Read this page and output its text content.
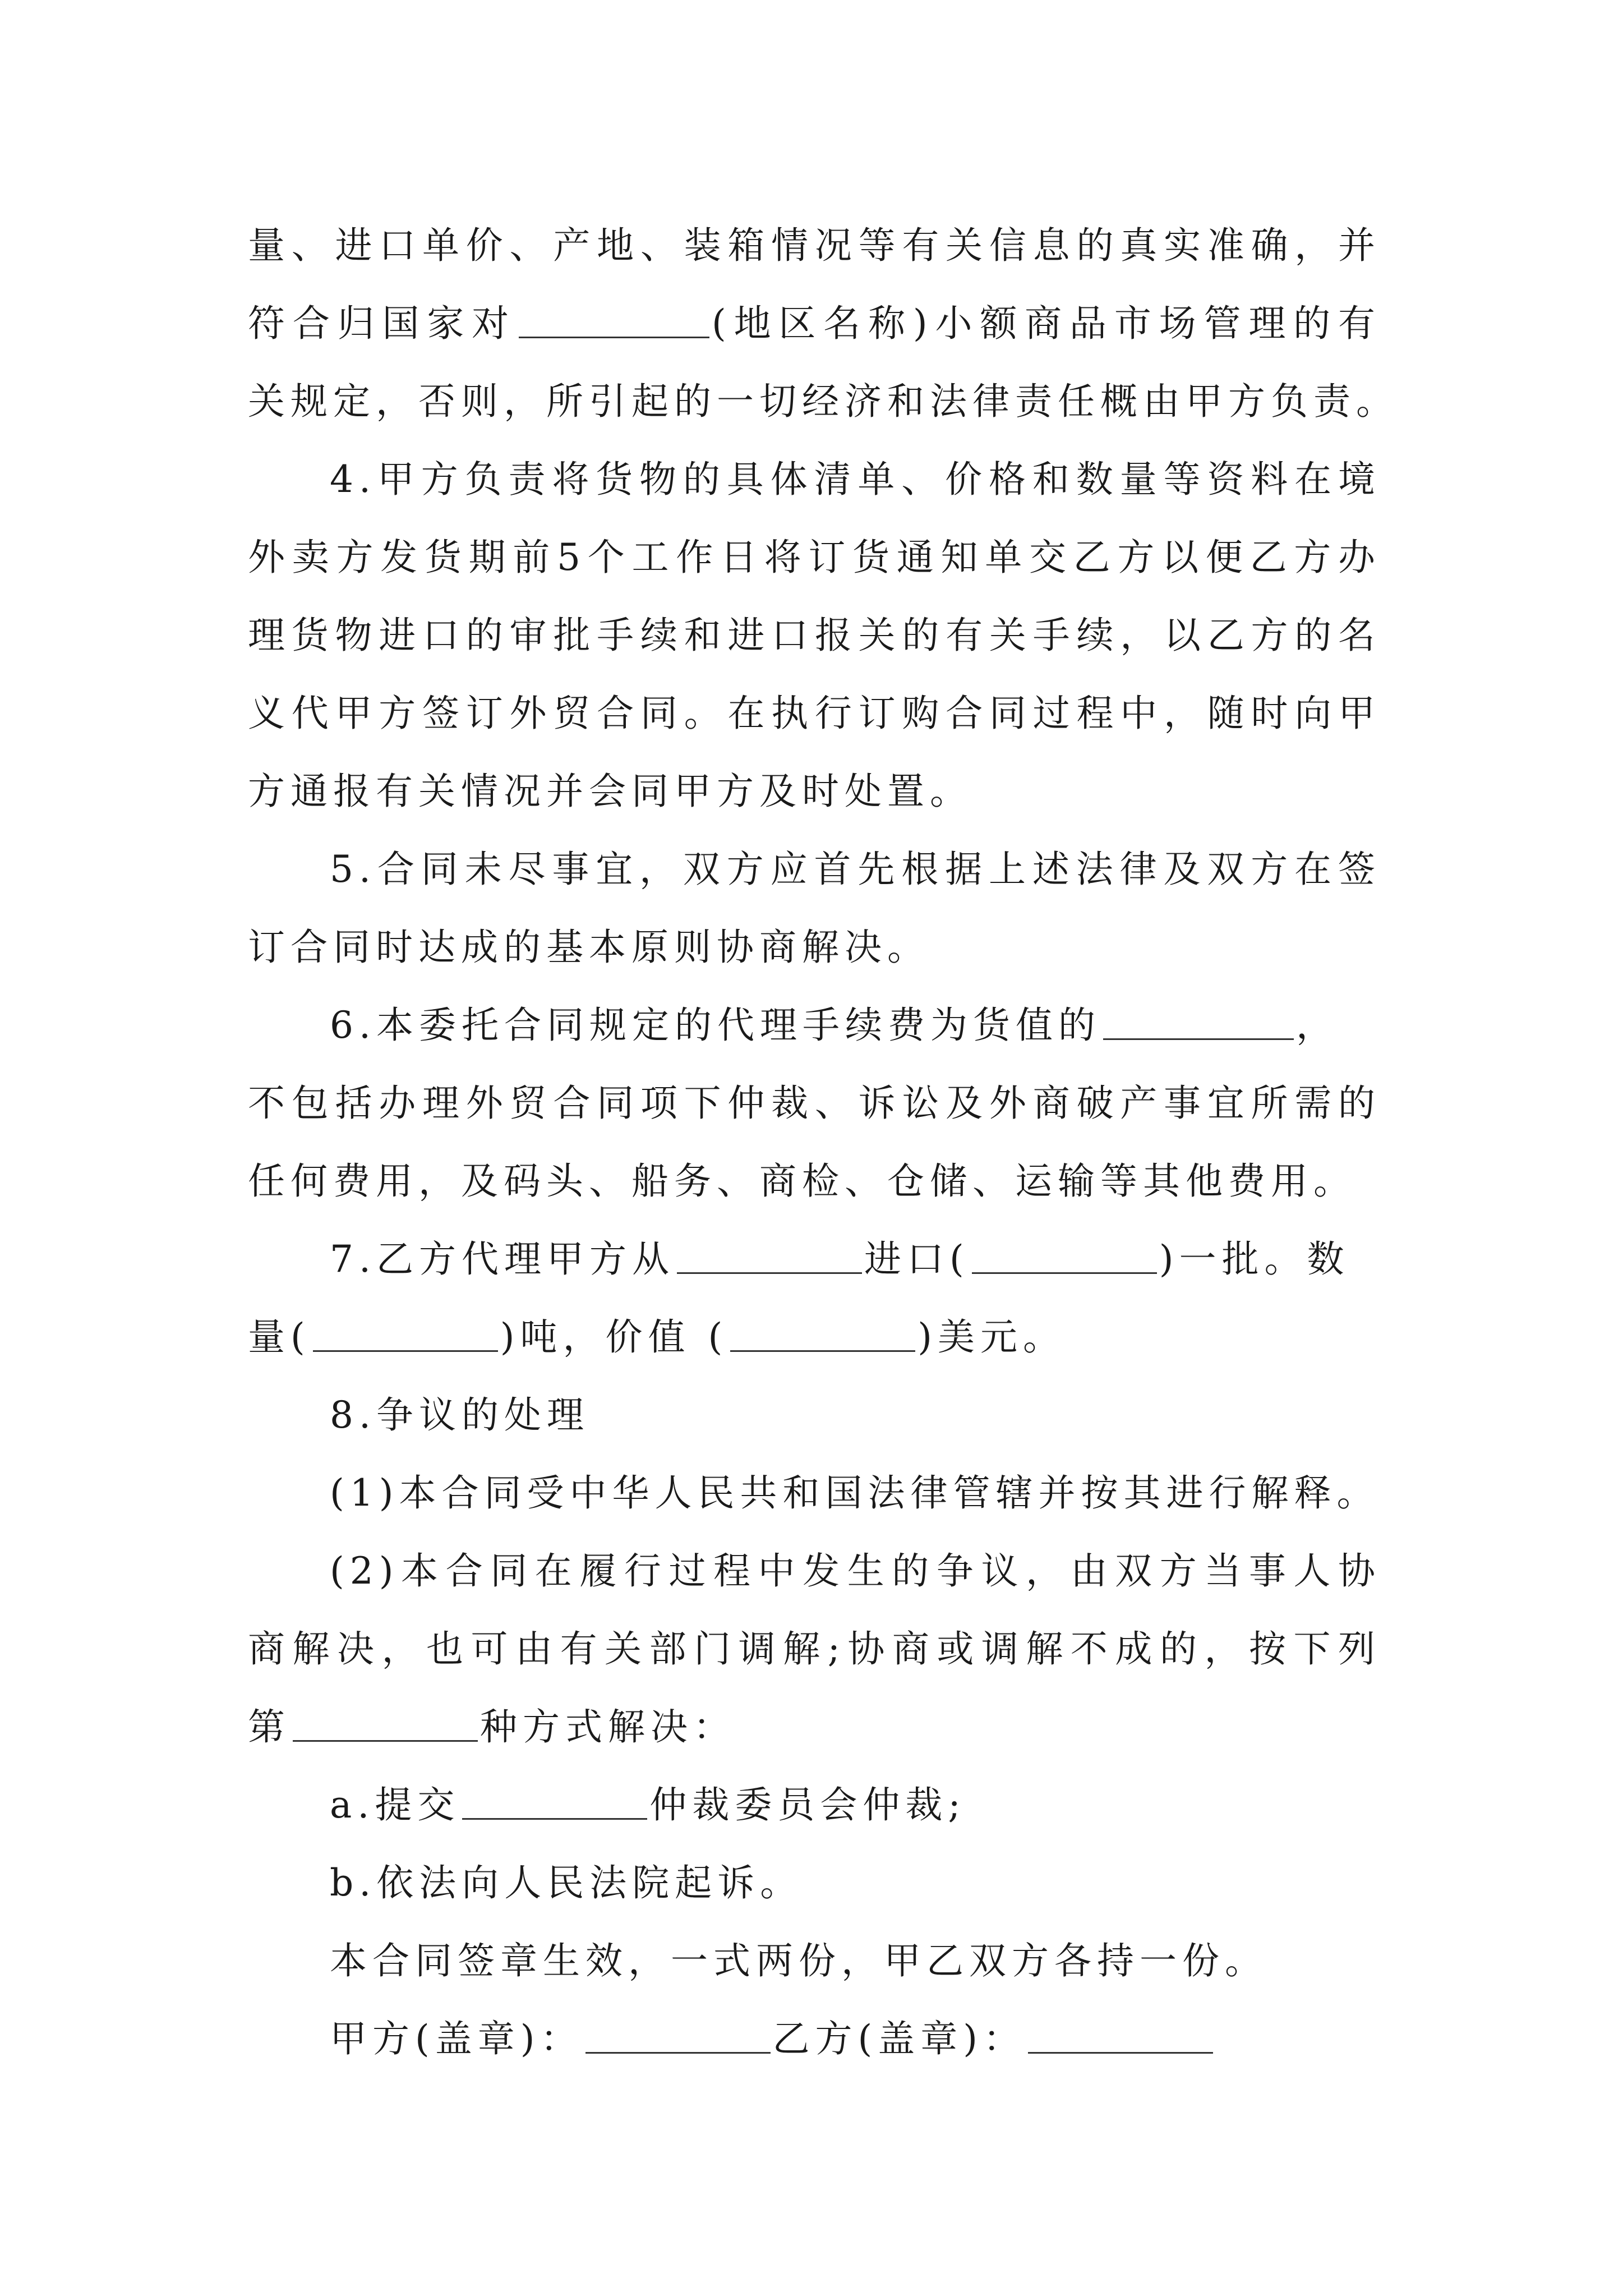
量、进口单价、产地、装箱情况等有关信息的真实准确，并
符合归国家对	(地区名称)小额商品市场管理的有
关规定，否则，所引起的一切经济和法律责任概由甲方负责。
4.甲方负责将货物的具体清单、价格和数量等资料在境
外卖方发货期前5个工作日将订货通知单交乙方以便乙方办
理货物进口的审批手续和进口报关的有关手续，以乙方的名
义代甲方签订外贸合同。在执行订购合同过程中，随时向甲
方通报有关情况并会同甲方及时处置。
5.合同未尽事宜，双方应首先根据上述法律及双方在签
订合同时达成的基本原则协商解决。
6.本委托合同规定的代理手续费为货值的	，
不包括办理外贸合同项下仲裁、诉讼及外商破产事宜所需的
任何费用，及码头、船务、商检、仓储、运输等其他费用。
7.乙方代理甲方从	进口(	)一批。数
量(	)吨，价值 (	)美元。
8.争议的处理
(1)本合同受中华人民共和国法律管辖并按其进行解释。
(2)本合同在履行过程中发生的争议，由双方当事人协
商解决，也可由有关部门调解;协商或调解不成的，按下列
第	种方式解决：
a.提交	仲裁委员会仲裁;
b.依法向人民法院起诉。
本合同签章生效，一式两份，甲乙双方各持一份。
甲方(盖章)：	乙方(盖章)：
